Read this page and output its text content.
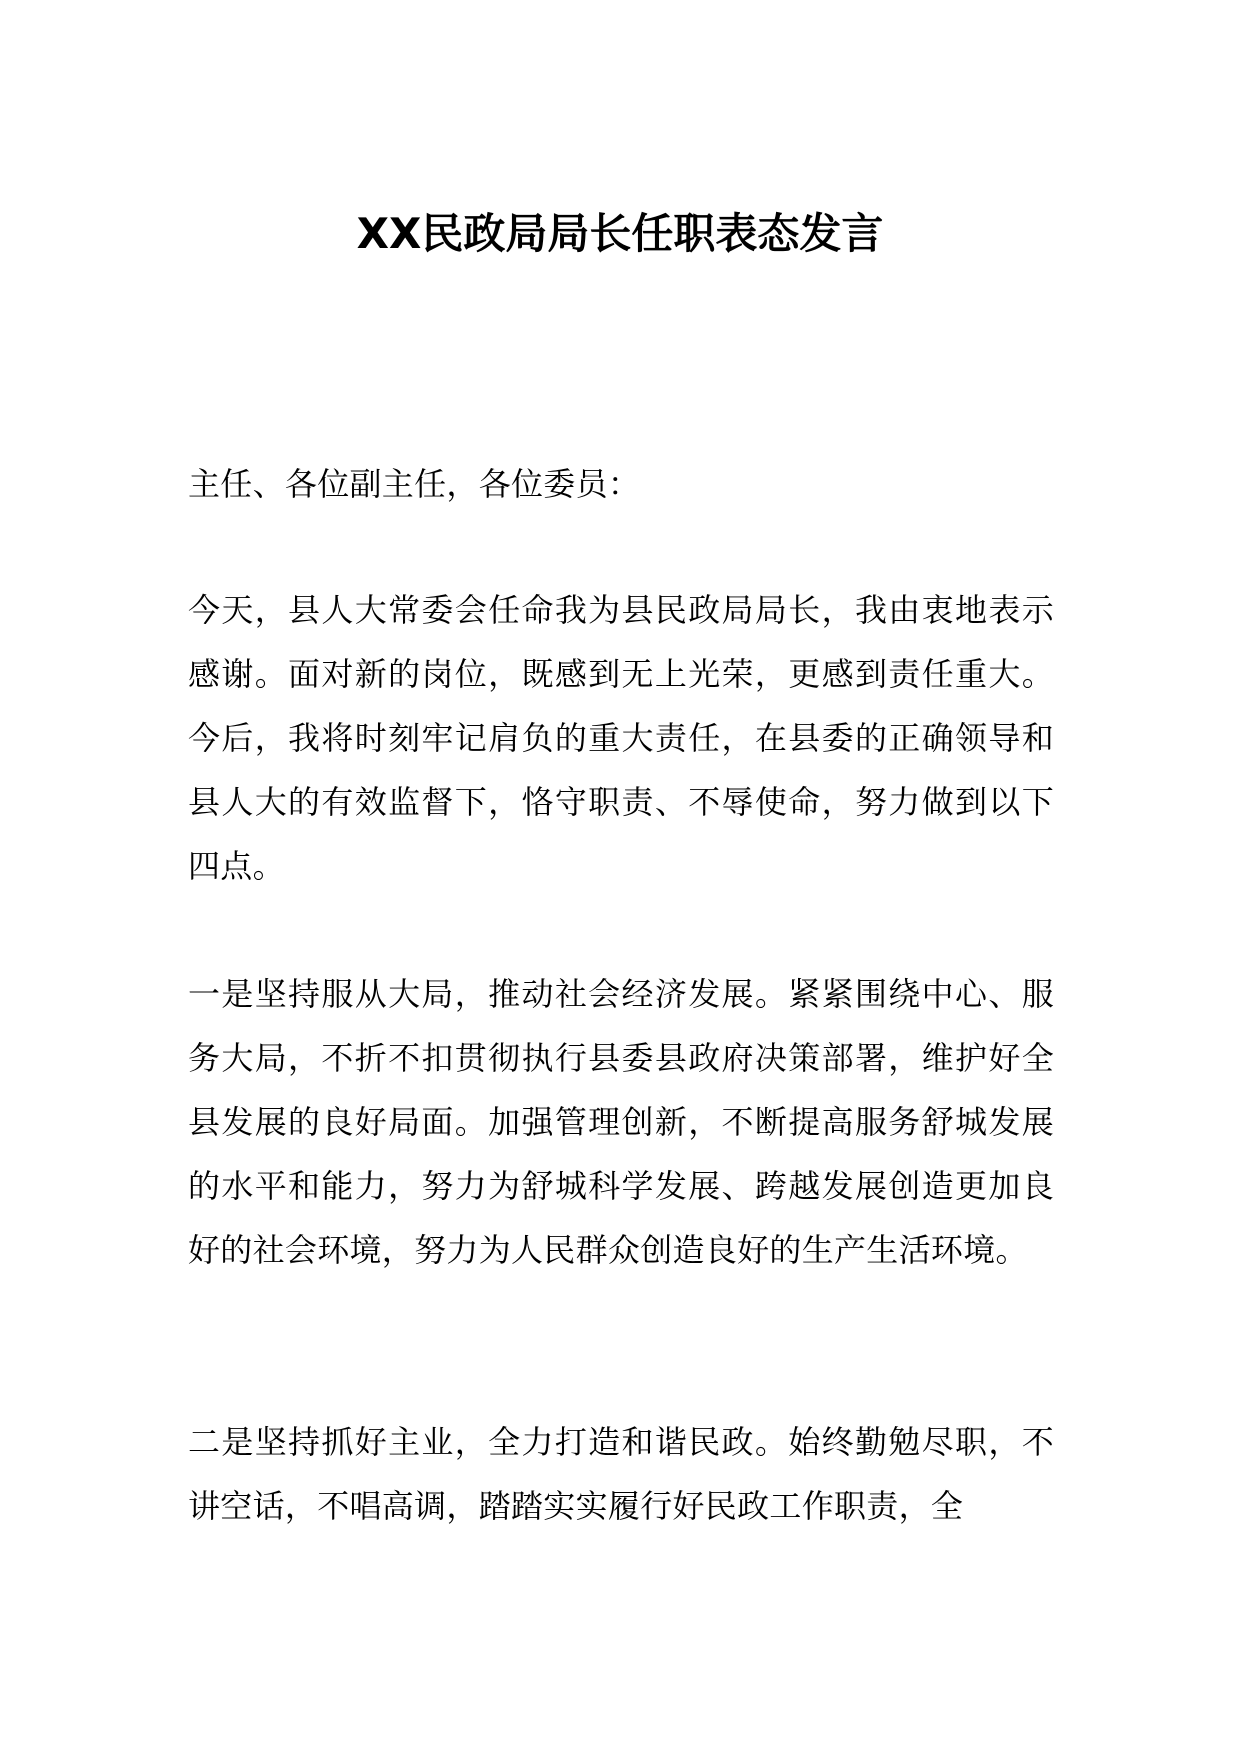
XX民政局局长任职表态发言

主任、各位副主任，各位委员：

今天，县人大常委会任命我为县民政局局长，我由衷地表示感谢。面对新的岗位，既感到无上光荣，更感到责任重大。今后，我将时刻牢记肩负的重大责任，在县委的正确领导和县人大的有效监督下，恪守职责、不辱使命，努力做到以下四点。

一是坚持服从大局，推动社会经济发展。紧紧围绕中心、服务大局，不折不扣贯彻执行县委县政府决策部署，维护好全县发展的良好局面。加强管理创新，不断提高服务舒城发展的水平和能力，努力为舒城科学发展、跨越发展创造更加良好的社会环境，努力为人民群众创造良好的生产生活环境。

二是坚持抓好主业，全力打造和谐民政。始终勤勉尽职，不讲空话，不唱高调，踏踏实实履行好民政工作职责，全
